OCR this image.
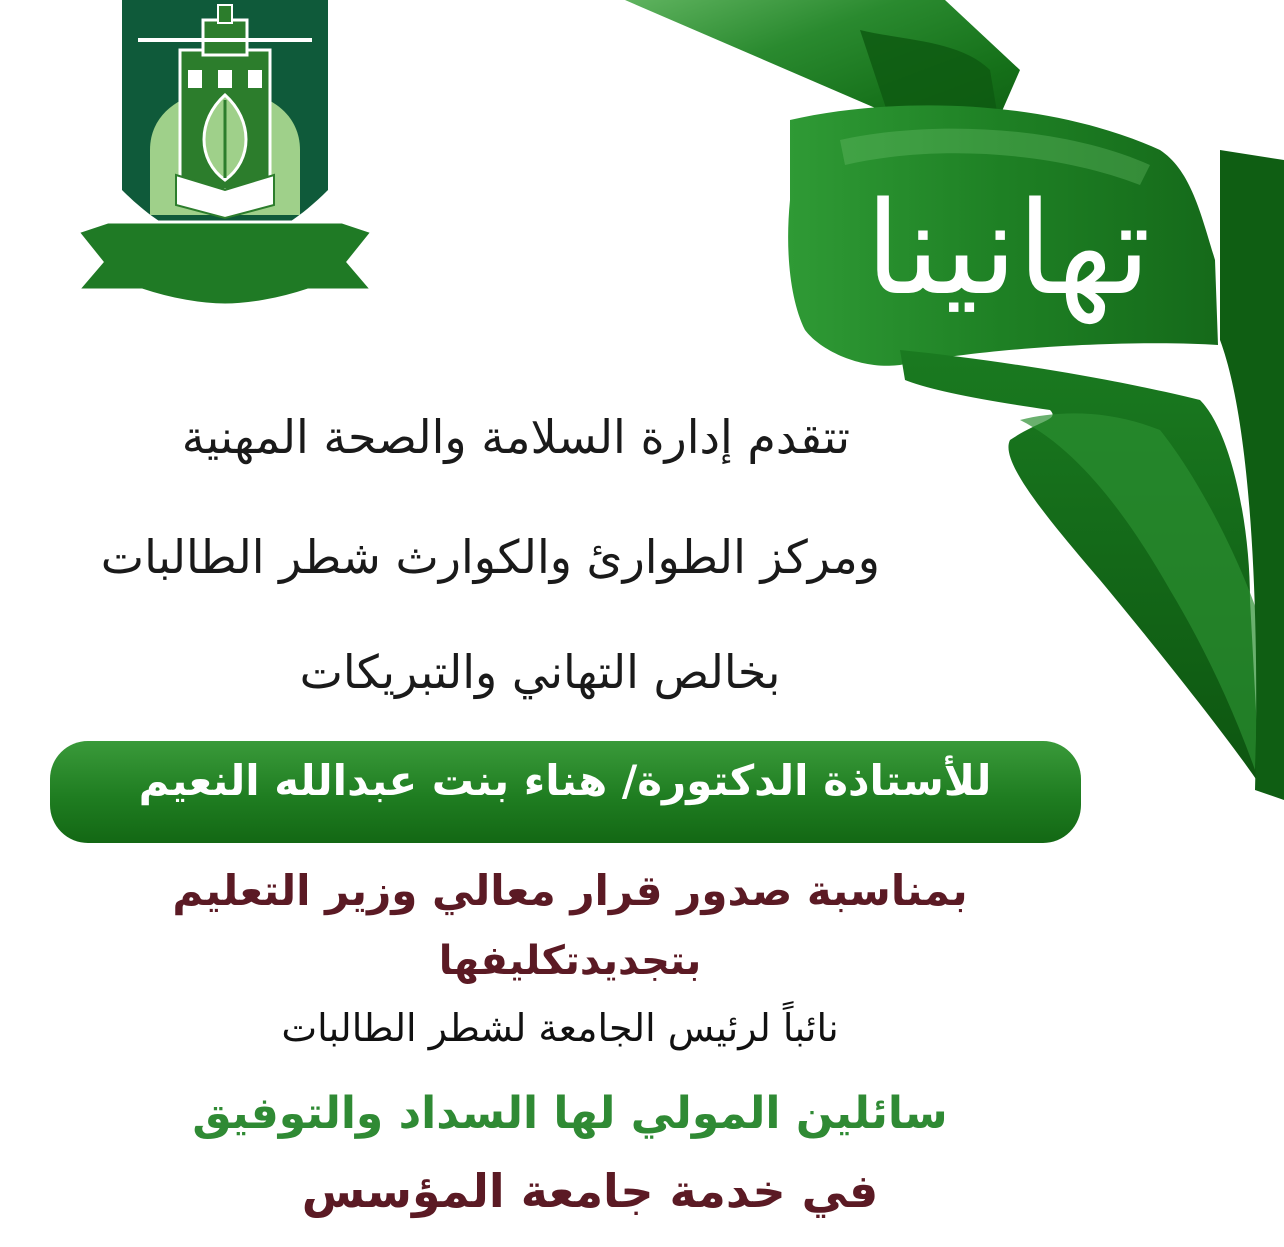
تهانينا
تتقدم إدارة السلامة والصحة المهنية
ومركز الطوارئ والكوارث شطر الطالبات
بخالص التهاني والتبريكات
للأستاذة الدكتورة/ هناء بنت عبدالله النعيم
بمناسبة صدور قرار معالي وزير التعليم
بتجديدتكليفها
نائباً لرئيس الجامعة لشطر الطالبات
سائلين المولي لها السداد والتوفيق
في خدمة جامعة المؤسس
